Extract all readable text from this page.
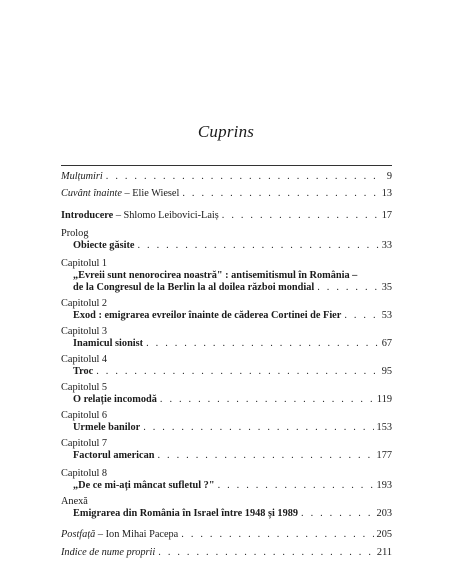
Cuprins
Mulțumiri . . .	9
Cuvânt înainte – Elie Wiesel . . .	13
Introducere – Shlomo Leibovici-Laiș . . .	17
Prolog
Obiecte găsite . . .	33
Capitolul 1
„Evreii sunt nenorocirea noastră" : antisemitismul în România –
de la Congresul de la Berlin la al doilea război mondial . . .	35
Capitolul 2
Exod : emigrarea evreilor înainte de căderea Cortinei de Fier . . .	53
Capitolul 3
Inamicul sionist . . .	67
Capitolul 4
Troc . . .	95
Capitolul 5
O relație incomodă . . .	119
Capitolul 6
Urmele banilor . . .	153
Capitolul 7
Factorul american . . .	177
Capitolul 8
„De ce mi-ați mâncat sufletul ?" . . .	193
Anexă
Emigrarea din România în Israel între 1948 și 1989 . . .	203
Postfață – Ion Mihai Pacepa . . .	205
Indice de nume proprii . . .	211
